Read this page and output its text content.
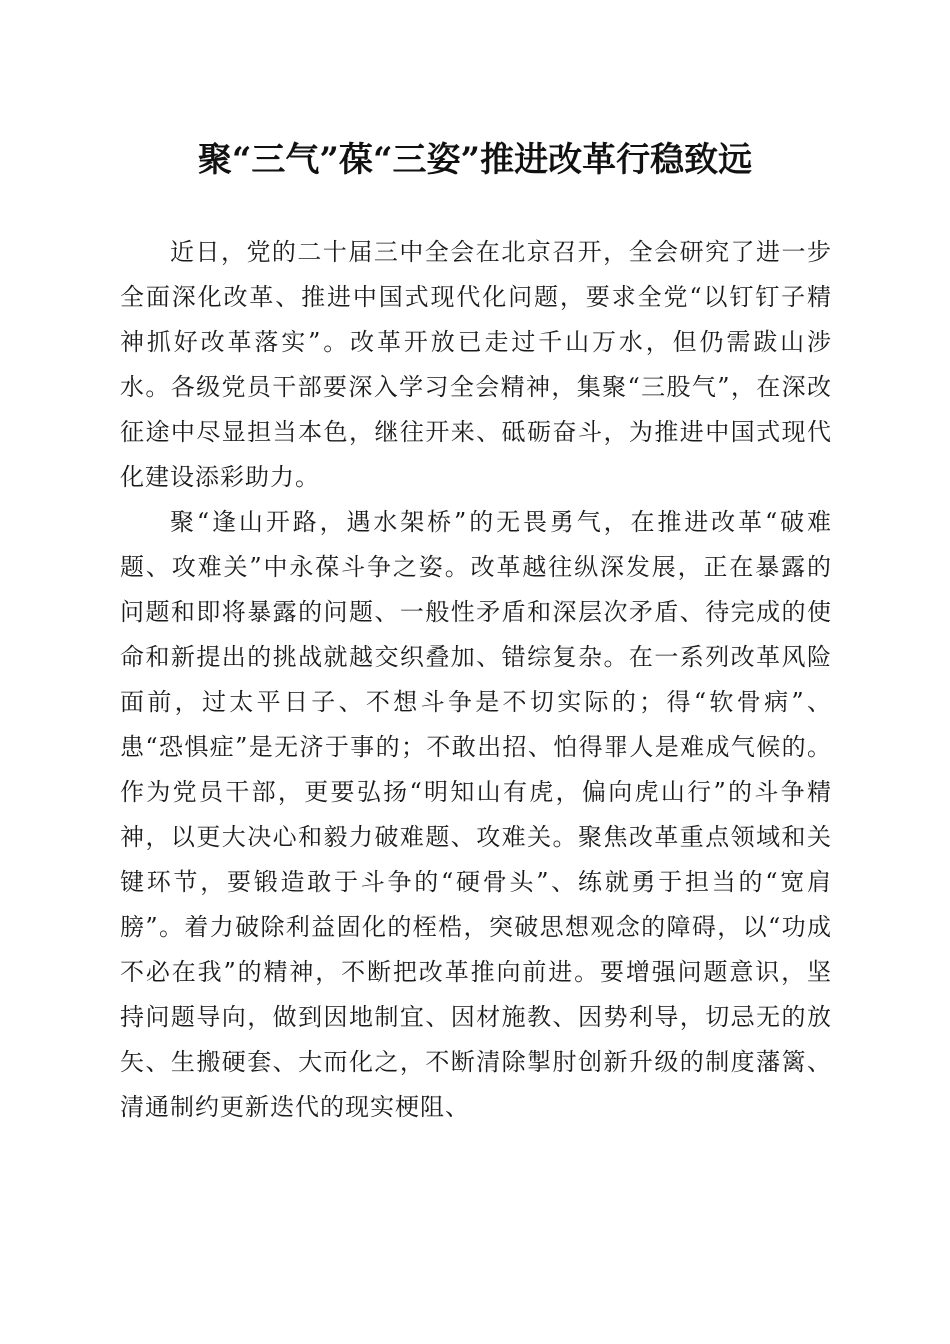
聚“三气”葆“三姿”推进改革行稳致远

近日，党的二十届三中全会在北京召开，全会研究了进一步全面深化改革、推进中国式现代化问题，要求全党“以钉钉子精神抓好改革落实”。改革开放已走过千山万水，但仍需跋山涉水。各级党员干部要深入学习全会精神，集聚“三股气”，在深改征途中尽显担当本色，继往开来、砥砺奋斗，为推进中国式现代化建设添彩助力。

聚“逢山开路，遇水架桥”的无畏勇气，在推进改革“破难题、攻难关”中永葆斗争之姿。改革越往纵深发展，正在暴露的问题和即将暴露的问题、一般性矛盾和深层次矛盾、待完成的使命和新提出的挑战就越交织叠加、错综复杂。在一系列改革风险面前，过太平日子、不想斗争是不切实际的；得“软骨病”、患“恐惧症”是无济于事的；不敢出招、怕得罪人是难成气候的。作为党员干部，更要弘扬“明知山有虎，偏向虎山行”的斗争精神，以更大决心和毅力破难题、攻难关。聚焦改革重点领域和关键环节，要锻造敢于斗争的“硬骨头”、练就勇于担当的“宽肩膀”。着力破除利益固化的桎梏，突破思想观念的障碍，以“功成不必在我”的精神，不断把改革推向前进。要增强问题意识，坚持问题导向，做到因地制宜、因材施教、因势利导，切忌无的放矢、生搬硬套、大而化之，不断清除掣肘创新升级的制度藩篱、清通制约更新迭代的现实梗阻、
